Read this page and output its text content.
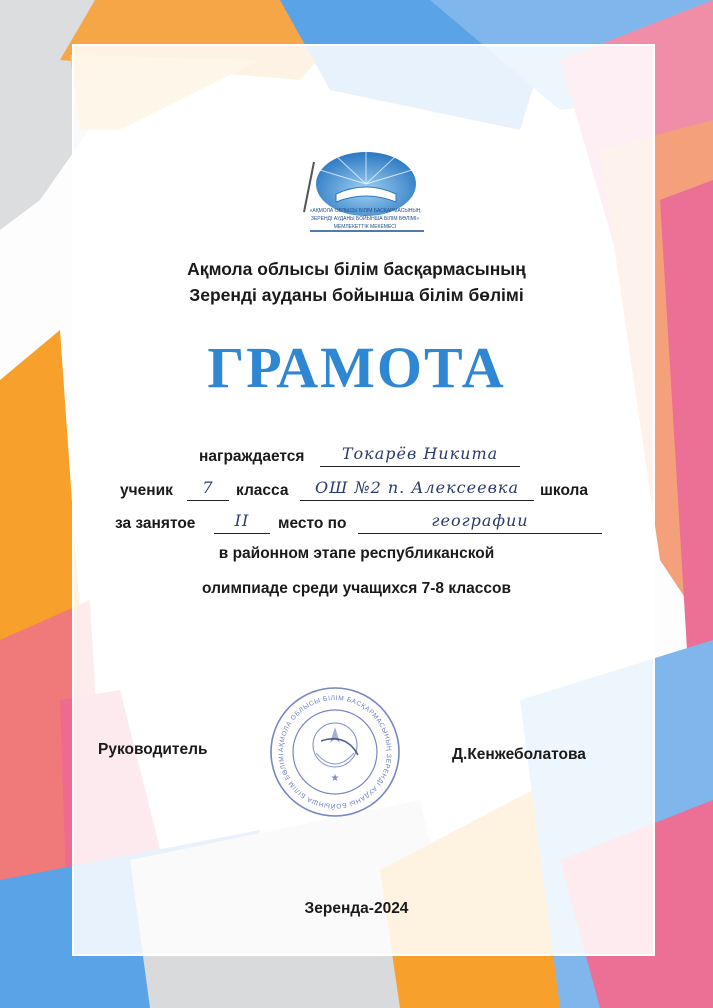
«АҚМОЛА ОБЛЫСЫ БІЛІМ БАСҚАРМАСЫНЫҢ
ЗЕРЕНДІ АУДАНЫ БОЙЫНША БІЛІМ БӨЛІМІ»
МЕМЛЕКЕТТІК МЕКЕМЕСІ
Ақмола облысы білім басқармасының
Зеренді ауданы бойынша білім бөлімі
ГРАМОТА
награждается	Токарёв Никита
ученик	7	класса	ОШ №2 п. Алексеевка	школа
за занятое	II	место по	географии
в районном этапе республиканской
олимпиаде среди учащихся 7-8 классов
Руководитель	Д.Кенжеболатова
АҚМОЛА ОБЛЫСЫ БІЛІМ БАСҚАРМАСЫНЫҢ ЗЕРЕНДІ АУДАНЫ БОЙЫНША БІЛІМ БӨЛІМІ
★
Зеренда-2024
